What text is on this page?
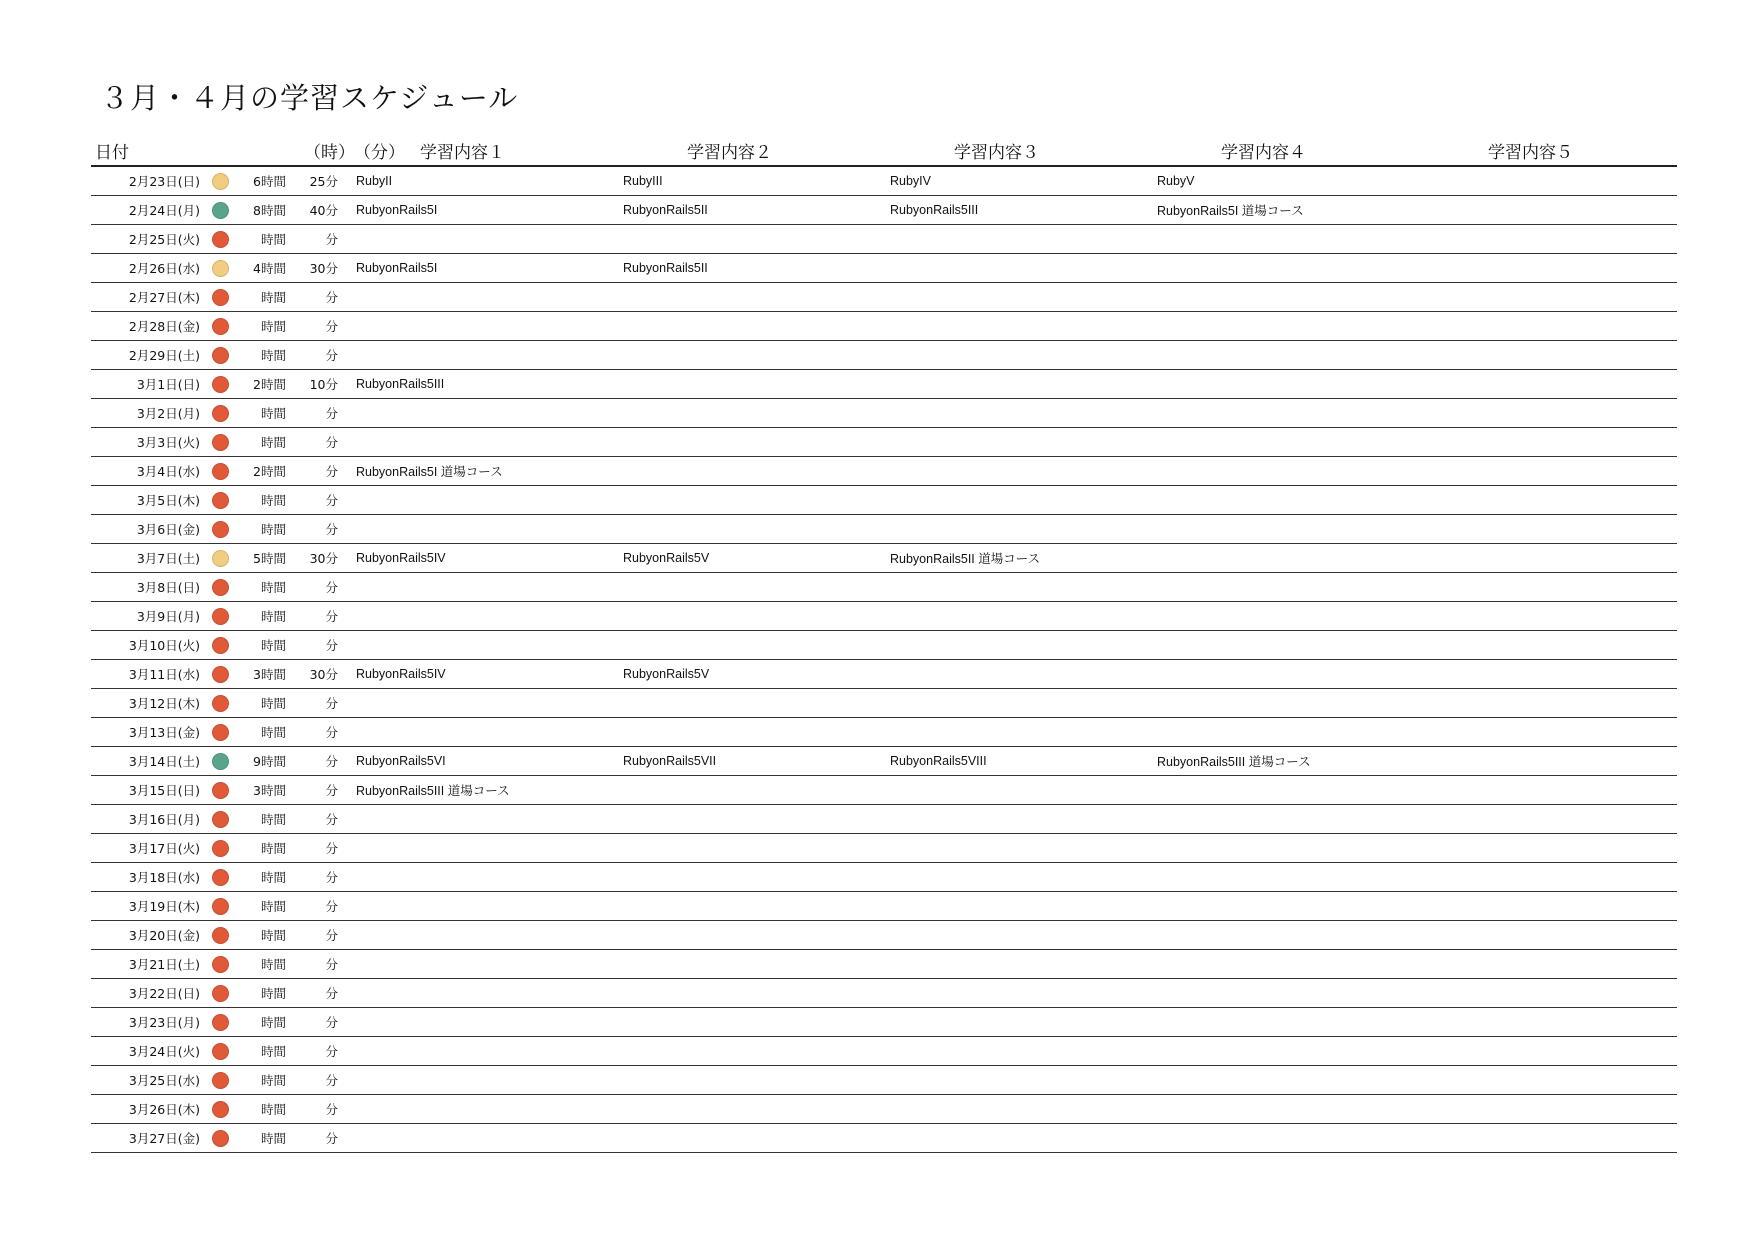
３月・４月の学習スケジュール
日付	（時） （分） 学習内容１	学習内容２	学習内容３	学習内容４	学習内容５
2月23日(日)	6時間	25分	RubyII	RubyIII	RubyIV	RubyV
2月24日(月)	8時間	40分	RubyonRails5I	RubyonRails5II	RubyonRails5III	RubyonRails5I 道場コース
2月25日(火)	時間	分
2月26日(水)	4時間	30分	RubyonRails5I	RubyonRails5II
2月27日(木)	時間	分
2月28日(金)	時間	分
2月29日(土)	時間	分
3月1日(日)	2時間	10分	RubyonRails5III
3月2日(月)	時間	分
3月3日(火)	時間	分
3月4日(水)	2時間	分	RubyonRails5I 道場コース
3月5日(木)	時間	分
3月6日(金)	時間	分
3月7日(土)	5時間	30分	RubyonRails5IV	RubyonRails5V	RubyonRails5II 道場コース
3月8日(日)	時間	分
3月9日(月)	時間	分
3月10日(火)	時間	分
3月11日(水)	3時間	30分	RubyonRails5IV	RubyonRails5V
3月12日(木)	時間	分
3月13日(金)	時間	分
3月14日(土)	9時間	分	RubyonRails5VI	RubyonRails5VII	RubyonRails5VIII	RubyonRails5III 道場コース
3月15日(日)	3時間	分	RubyonRails5III 道場コース
3月16日(月)	時間	分
3月17日(火)	時間	分
3月18日(水)	時間	分
3月19日(木)	時間	分
3月20日(金)	時間	分
3月21日(土)	時間	分
3月22日(日)	時間	分
3月23日(月)	時間	分
3月24日(火)	時間	分
3月25日(水)	時間	分
3月26日(木)	時間	分
3月27日(金)	時間	分
